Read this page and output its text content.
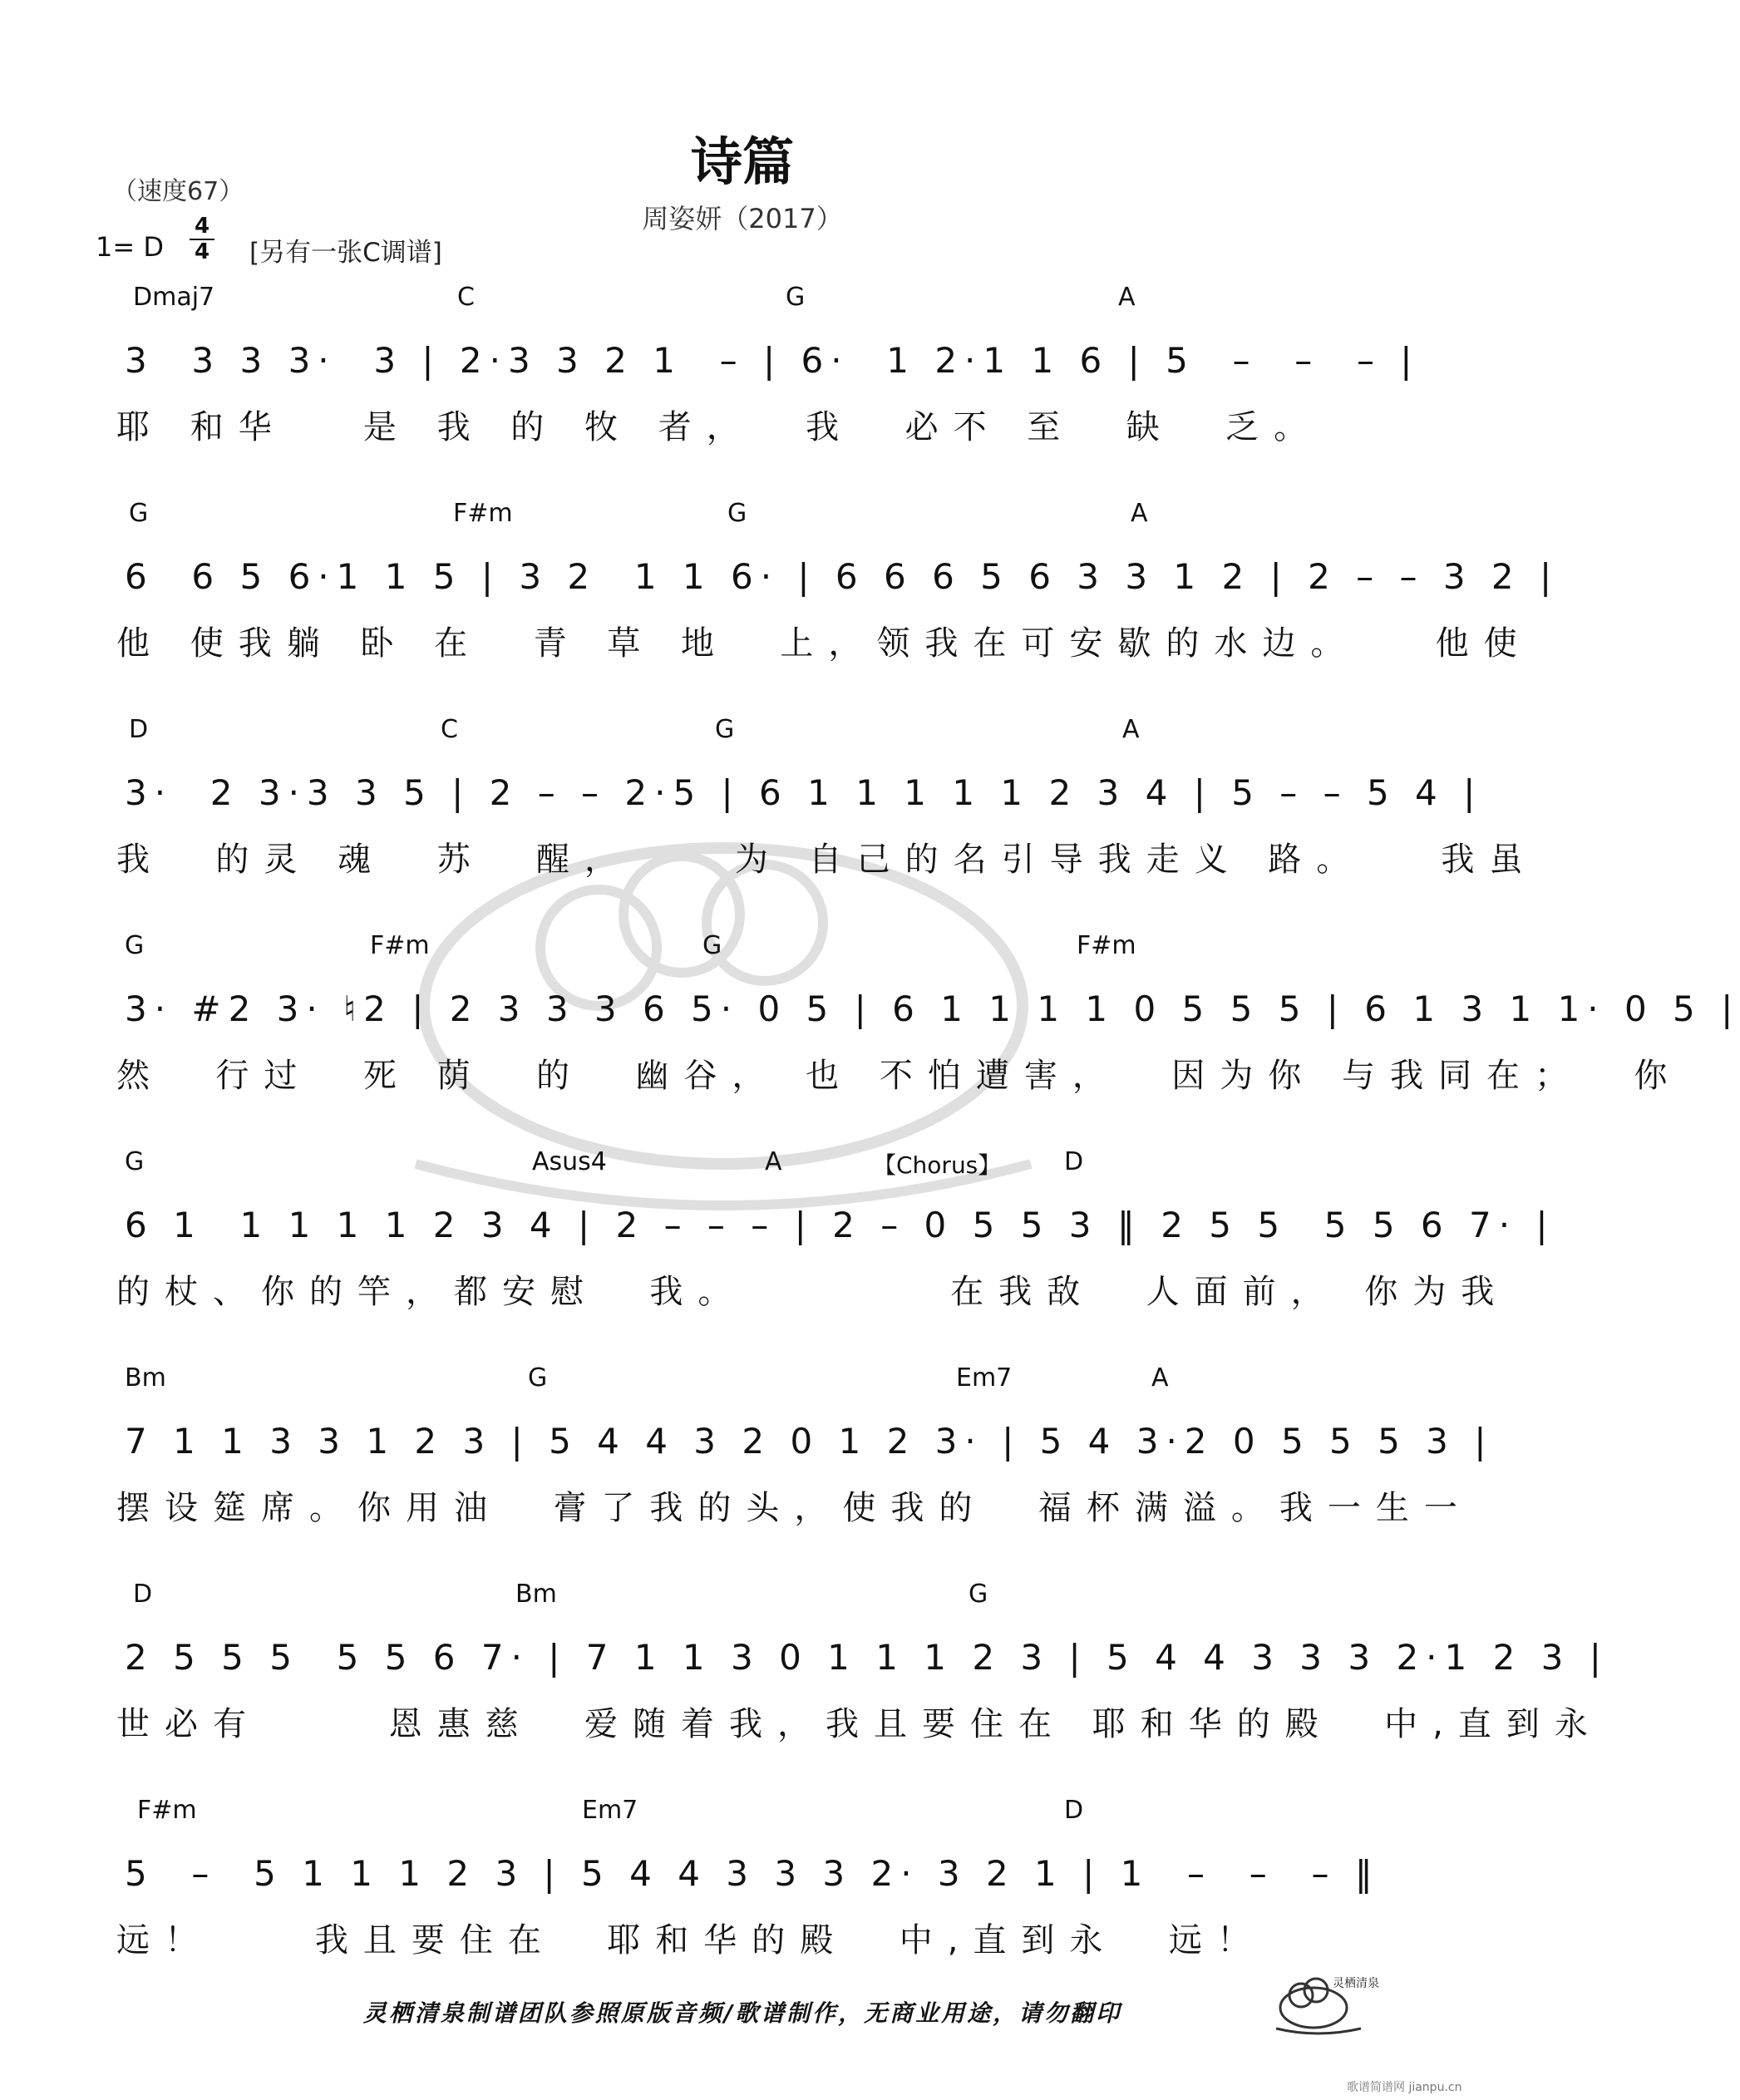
诗篇
（速度67）
周姿妍（2017）
1= D
4
4 [另有一张C调谱]
Dmaj7	C	G	A
3  3 3 3·  3 | 2·3 3 2 1  – | 6·  1 2·1 1 6 | 5  –  –  – |
耶 和华   是 我 的 牧 者，  我  必不 至  缺  乏。
G	F#m	G	A
6  6 5 6·1 1 5 | 3 2  1 1 6· | 6 6 6 5 6 3 3 1 2 | 2 – – 3 2 |
他 使我躺 卧 在  青 草 地  上，领我在可安歇的水边。   他使
D	C	G	A
3·  2 3·3 3 5 | 2 – – 2·5 | 6 1 1 1 1 1 2 3 4 | 5 – – 5 4 |
我  的灵 魂  苏  醒，    为 自己的名引导我走义 路。   我虽
G	F#m	G	F#m
3· #2 3· ♮2 | 2 3 3 3 6 5· 0 5 | 6 1 1 1 1 0 5 5 5 | 6 1 3 1 1· 0 5 |
然  行过  死 荫  的  幽谷， 也 不怕遭害，  因为你 与我同在；  你
G	Asus4	A	【Chorus】	D
6 1  1 1 1 1 2 3 4 | 2 – – – | 2 – 0 5 5 3 ‖ 2 5 5  5 5 6 7· |
的杖、你的竿，都安慰  我。        在我敌  人面前， 你为我
Bm	G	Em7	A
7 1 1 3 3 1 2 3 | 5 4 4 3 2 0 1 2 3· | 5 4 3·2 0 5 5 5 3 |
摆设筵席。你用油  膏了我的头，使我的  福杯满溢。我一生一
D	Bm	G
2 5 5 5  5 5 6 7· | 7 1 1 3 0 1 1 1 2 3 | 5 4 4 3 3 3 2·1 2 3 |
世必有     恩惠慈  爱随着我，我且要住在 耶和华的殿  中,直到永
F#m	Em7	D
5  –  5 1 1 1 2 3 | 5 4 4 3 3 3 2· 3 2 1 | 1  –  –  – ‖
远！    我且要住在  耶和华的殿  中,直到永  远！
灵栖清泉制谱团队参照原版音频/歌谱制作，无商业用途，请勿翻印
灵栖清泉
歌谱简谱网 jianpu.cn
